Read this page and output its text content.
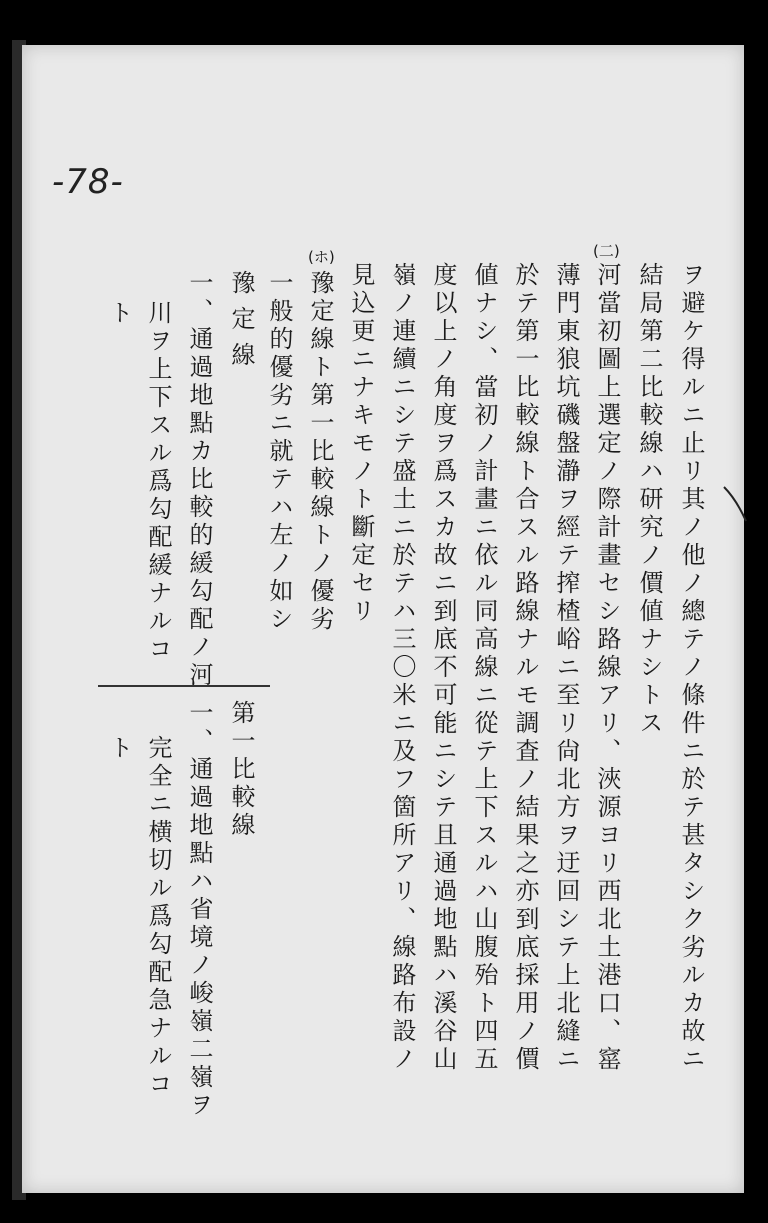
-78-
ヲ避ケ得ルニ止リ其ノ他ノ總テノ條件ニ於テ甚タシク劣ルカ故ニ
結局第二比較線ハ研究ノ價値ナシトス
(二)
河當初圖上選定ノ際計畫セシ路線アリ、浹源ヨリ西北土港口、窰
薄門東狼坑磯盤瀞ヲ經テ搾楂峪ニ至リ尙北方ヲ迂回シテ上北縫ニ
於テ第一比較線ト合スル路線ナルモ調査ノ結果之亦到底採用ノ價
値ナシ、當初ノ計畫ニ依ル同高線ニ從テ上下スルハ山腹殆ト四五
度以上ノ角度ヲ爲スカ故ニ到底不可能ニシテ且通過地點ハ溪谷山
嶺ノ連續ニシテ盛土ニ於テハ三〇米ニ及フ箇所アリ、線路布設ノ
見込更ニナキモノト斷定セリ
(ホ)
豫定線ト第一比較線トノ優劣
一般的優劣ニ就テハ左ノ如シ
豫定線
一、通過地點カ比較的緩勾配ノ河
川ヲ上下スル爲勾配緩ナルコ
ト
第一比較線
一、通過地點ハ省境ノ峻嶺二嶺ヲ
完全ニ横切ル爲勾配急ナルコ
ト
